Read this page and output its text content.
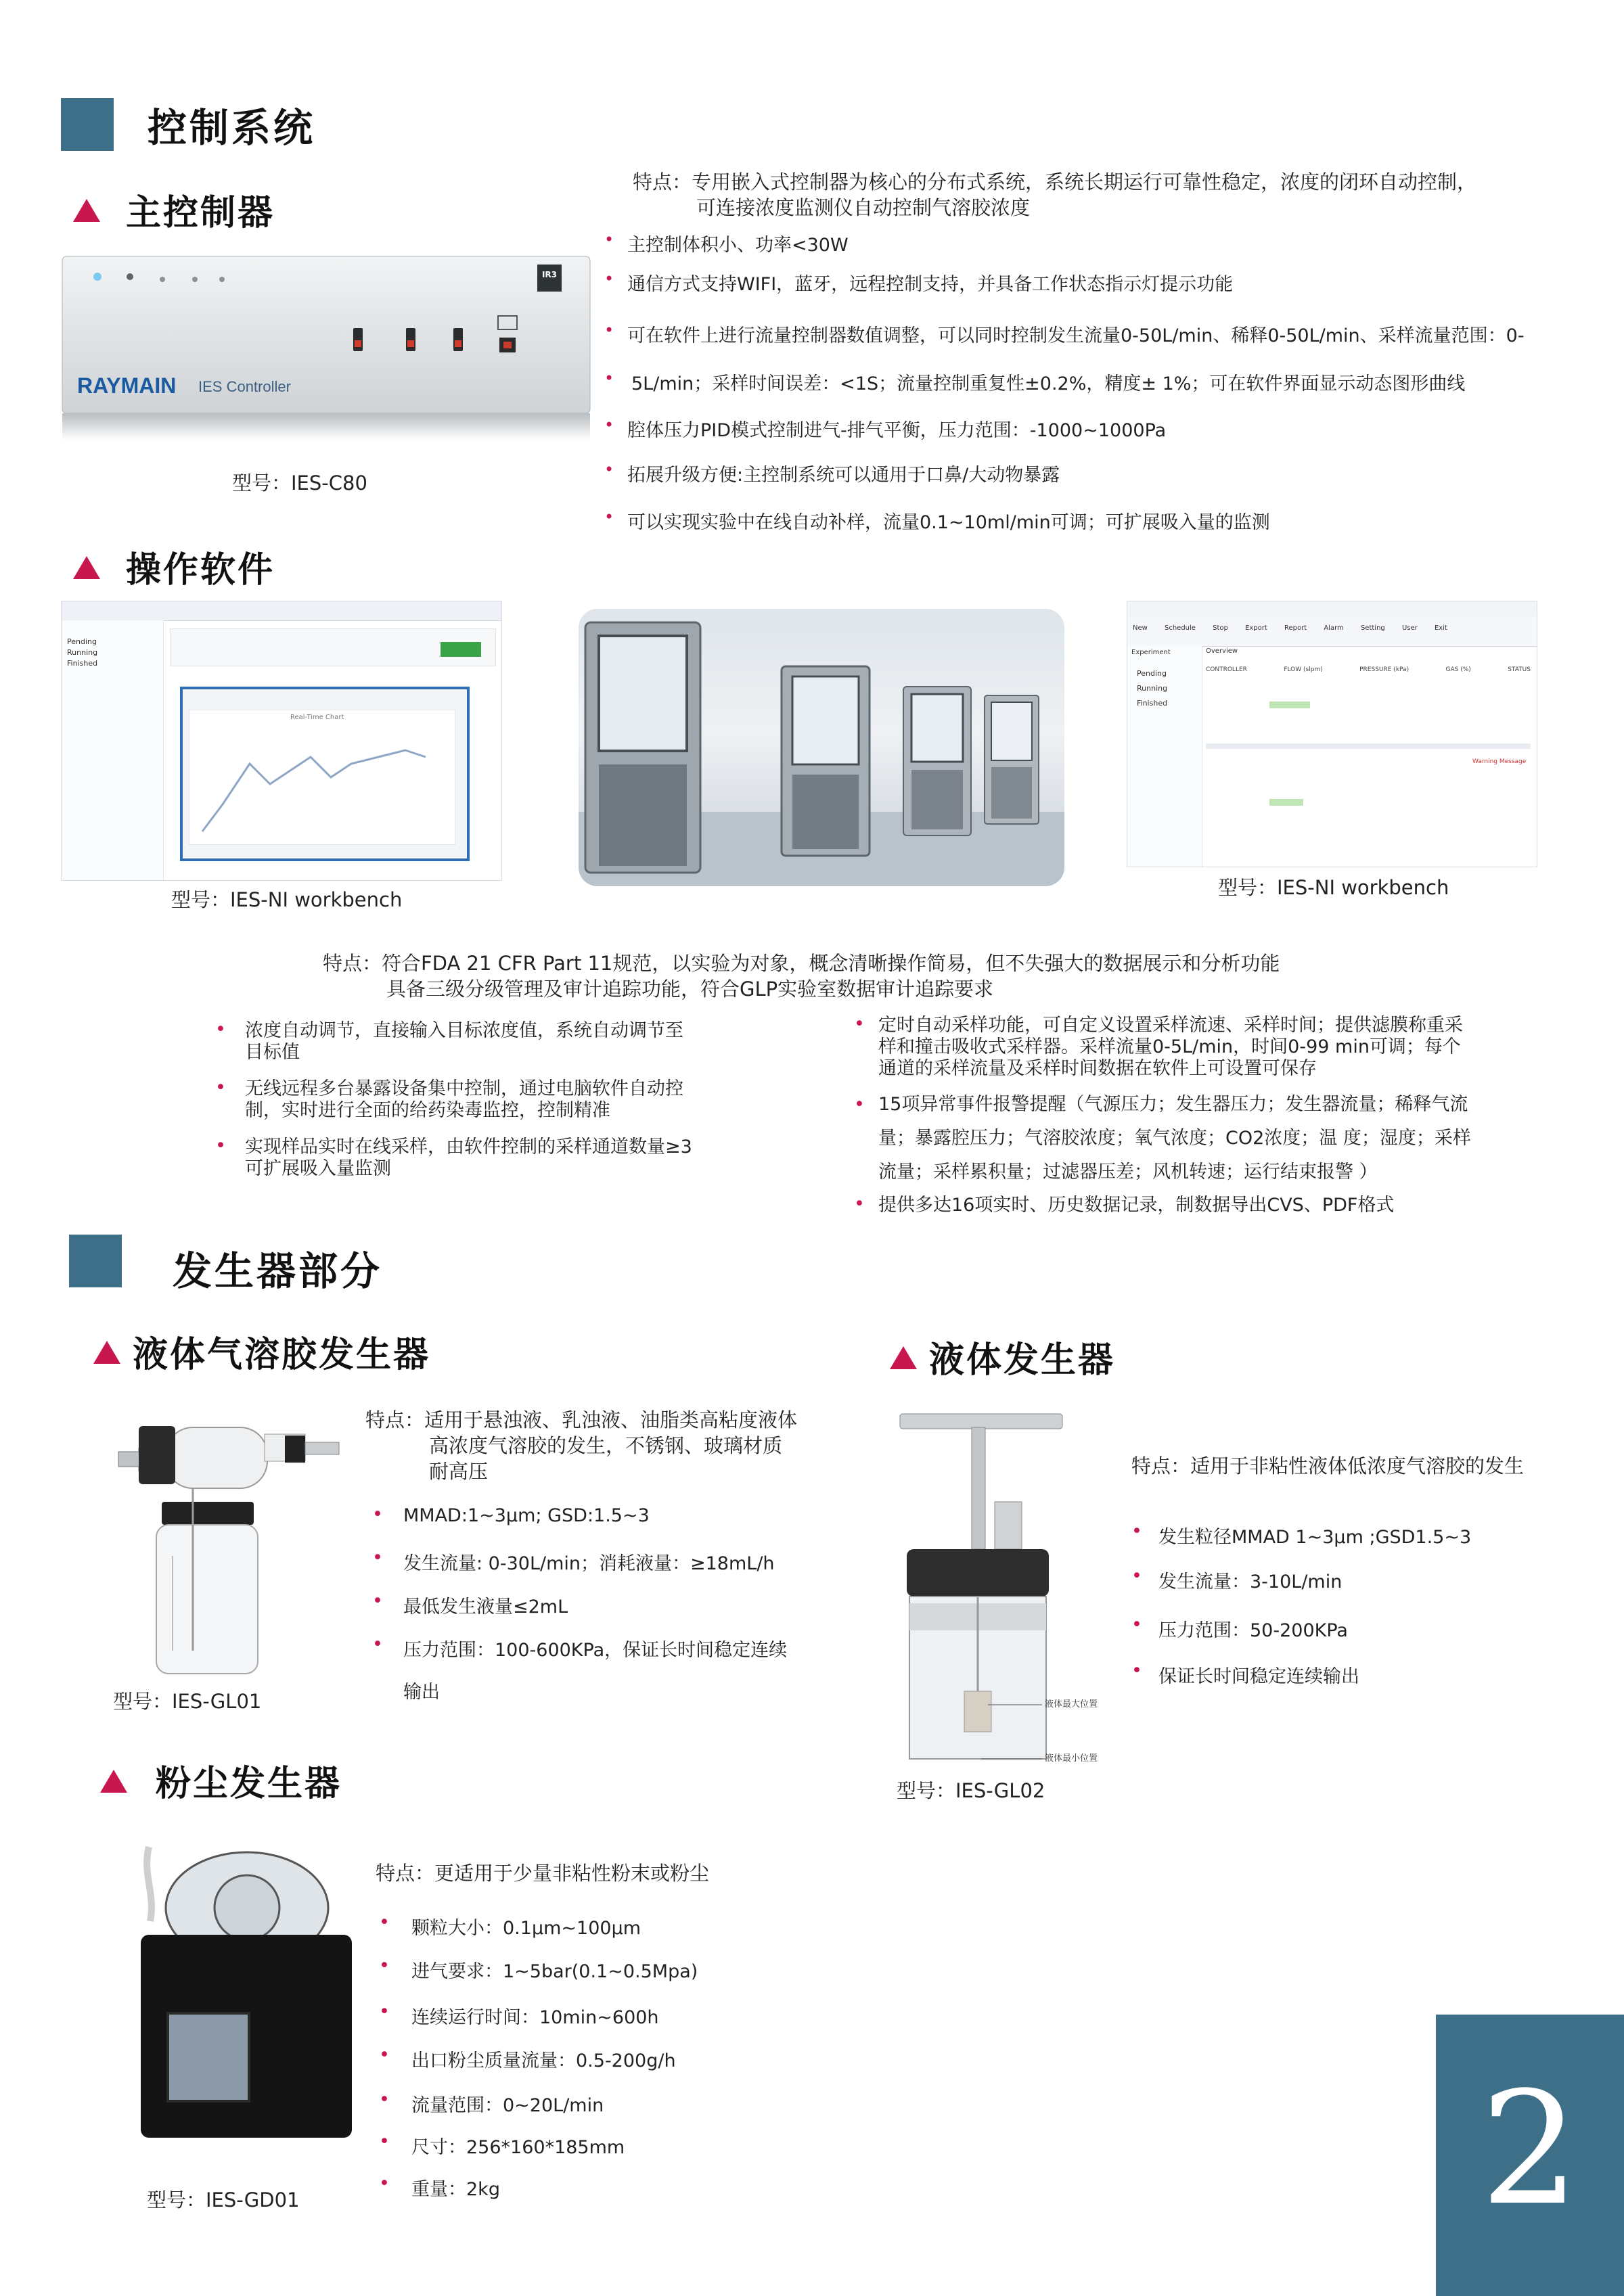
控制系统
主控制器
RAYMAIN IES Controller
IR3
型号：IES-C80
特点：专用嵌入式控制器为核心的分布式系统，系统长期运行可靠性稳定，浓度的闭环自动控制，
可连接浓度监测仪自动控制气溶胶浓度
• 主控制体积小、功率<30W
• 通信方式支持WIFI，蓝牙，远程控制支持，并具备工作状态指示灯提示功能
• 可在软件上进行流量控制器数值调整，可以同时控制发生流量0-50L/min、稀释0-50L/min、采样流量范围：0-
• 5L/min；采样时间误差：<1S；流量控制重复性±0.2%，精度± 1%；可在软件界面显示动态图形曲线
• 腔体压力PID模式控制进气-排气平衡，压力范围：-1000~1000Pa
• 拓展升级方便:主控制系统可以通用于口鼻/大动物暴露
• 可以实现实验中在线自动补样，流量0.1~10ml/min可调；可扩展吸入量的监测
操作软件
Pending
Running
Finished
Real-Time Chart
型号：IES-NI workbench
New	Schedule	Stop	Export	Report	Alarm	Setting	User	Exit
Experiment
Pending
Running
Finished
Overview
CONTROLLER	FLOW (slpm)	PRESSURE (kPa)	GAS (%)	STATUS
Warning Message
型号：IES-NI workbench
特点：符合FDA 21 CFR Part 11规范，以实验为对象，概念清晰操作简易，但不失强大的数据展示和分析功能
具备三级分级管理及审计追踪功能，符合GLP实验室数据审计追踪要求
• 浓度自动调节，直接输入目标浓度值，系统自动调节至
目标值
• 无线远程多台暴露设备集中控制，通过电脑软件自动控
制，实时进行全面的给药染毒监控，控制精准
• 实现样品实时在线采样，由软件控制的采样通道数量≥3
可扩展吸入量监测
• 定时自动采样功能，可自定义设置采样流速、采样时间；提供滤膜称重采
样和撞击吸收式采样器。采样流量0-5L/min，时间0-99 min可调；每个
通道的采样流量及采样时间数据在软件上可设置可保存
• 15项异常事件报警提醒（气源压力；发生器压力；发生器流量；稀释气流
量；暴露腔压力；气溶胶浓度；氧气浓度；CO2浓度；温 度；湿度；采样
流量；采样累积量；过滤器压差；风机转速；运行结束报警 ）
• 提供多达16项实时、历史数据记录，制数据导出CVS、PDF格式
发生器部分
液体气溶胶发生器
型号：IES-GL01
特点：适用于悬浊液、乳浊液、油脂类高粘度液体
高浓度气溶胶的发生，不锈钢、玻璃材质
耐高压
MMAD:1~3μm; GSD:1.5~3
发生流量: 0-30L/min；消耗液量：≥18mL/h
最低发生液量≤2mL
压力范围：100-600KPa，保证长时间稳定连续
输出
•
•
•
•
液体发生器
液体最大位置
液体最小位置
型号：IES-GL02
特点：适用于非粘性液体低浓度气溶胶的发生
• 发生粒径MMAD 1~3μm ;GSD1.5~3
• 发生流量：3-10L/min
• 压力范围：50-200KPa
• 保证长时间稳定连续输出
粉尘发生器
型号：IES-GD01
特点：更适用于少量非粘性粉末或粉尘
• 颗粒大小：0.1μm~100μm
• 进气要求：1~5bar(0.1~0.5Mpa)
• 连续运行时间：10min~600h
• 出口粉尘质量流量：0.5-200g/h
• 流量范围：0~20L/min
• 尺寸：256*160*185mm
• 重量：2kg	2
